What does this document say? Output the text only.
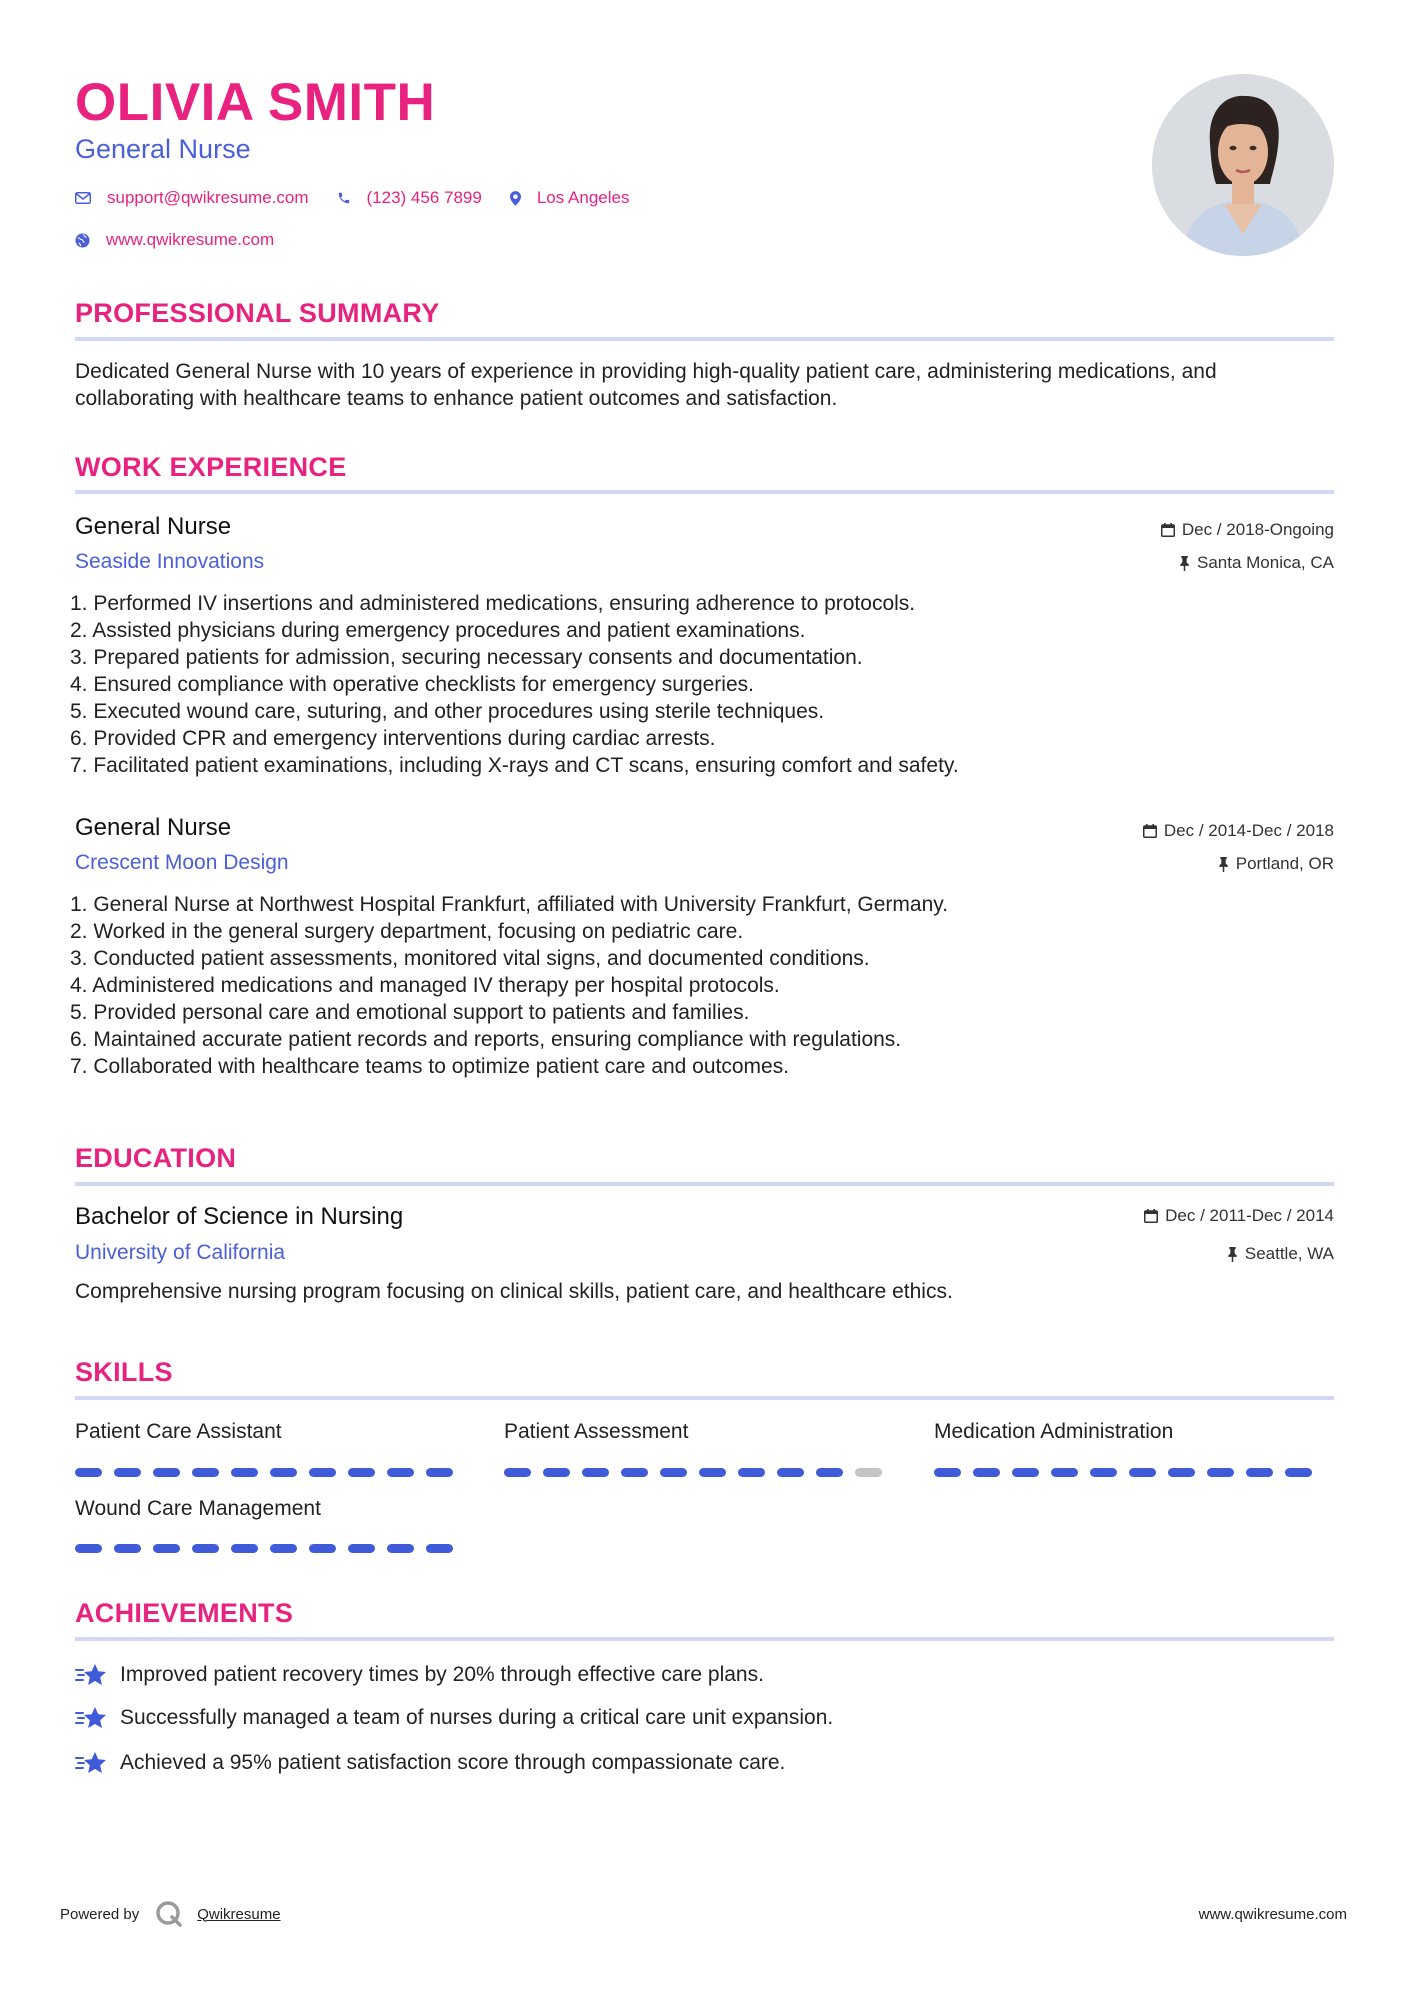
OLIVIA SMITH
General Nurse
support@qwikresume.com	(123) 456 7899	Los Angeles
www.qwikresume.com
PROFESSIONAL SUMMARY
Dedicated General Nurse with 10 years of experience in providing high-quality patient care, administering medications, and collaborating with healthcare teams to enhance patient outcomes and satisfaction.
WORK EXPERIENCE
General Nurse
Seaside Innovations
Dec / 2018-Ongoing
Santa Monica, CA
1. Performed IV insertions and administered medications, ensuring adherence to protocols.
2. Assisted physicians during emergency procedures and patient examinations.
3. Prepared patients for admission, securing necessary consents and documentation.
4. Ensured compliance with operative checklists for emergency surgeries.
5. Executed wound care, suturing, and other procedures using sterile techniques.
6. Provided CPR and emergency interventions during cardiac arrests.
7. Facilitated patient examinations, including X-rays and CT scans, ensuring comfort and safety.
General Nurse
Crescent Moon Design
Dec / 2014-Dec / 2018
Portland, OR
1. General Nurse at Northwest Hospital Frankfurt, affiliated with University Frankfurt, Germany.
2. Worked in the general surgery department, focusing on pediatric care.
3. Conducted patient assessments, monitored vital signs, and documented conditions.
4. Administered medications and managed IV therapy per hospital protocols.
5. Provided personal care and emotional support to patients and families.
6. Maintained accurate patient records and reports, ensuring compliance with regulations.
7. Collaborated with healthcare teams to optimize patient care and outcomes.
EDUCATION
Bachelor of Science in Nursing
University of California
Dec / 2011-Dec / 2014
Seattle, WA
Comprehensive nursing program focusing on clinical skills, patient care, and healthcare ethics.
SKILLS
Patient Care Assistant	Patient Assessment	Medication Administration
Wound Care Management
ACHIEVEMENTS
Improved patient recovery times by 20% through effective care plans.
Successfully managed a team of nurses during a critical care unit expansion.
Achieved a 95% patient satisfaction score through compassionate care.
Powered by	Qwikresume	www.qwikresume.com
